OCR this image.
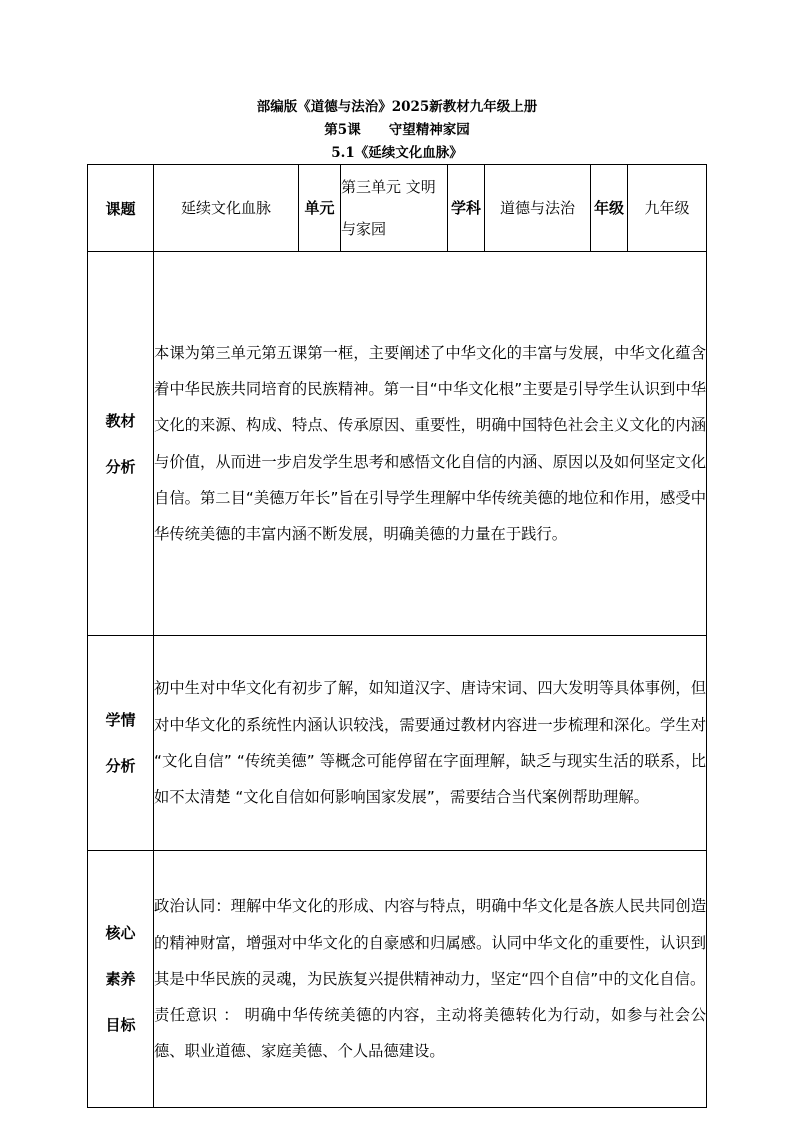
部编版《道德与法治》2025新教材九年级上册
第5课 守望精神家园
5.1《延续文化血脉》
课题	延续文化血脉	单元	第三单元 文明与家园	学科	道德与法治	年级	九年级
教材分析	本课为第三单元第五课第一框，主要阐述了中华文化的丰富与发展，中华文化蕴含着中华民族共同培育的民族精神。第一目“中华文化根”主要是引导学生认识到中华文化的来源、构成、特点、传承原因、重要性，明确中国特色社会主义文化的内涵与价值，从而进一步启发学生思考和感悟文化自信的内涵、原因以及如何坚定文化自信。第二目“美德万年长”旨在引导学生理解中华传统美德的地位和作用，感受中华传统美德的丰富内涵不断发展，明确美德的力量在于践行。						
学情分析	初中生对中华文化有初步了解，如知道汉字、唐诗宋词、四大发明等具体事例，但对中华文化的系统性内涵认识较浅，需要通过教材内容进一步梳理和深化。学生对 “文化自信” “传统美德” 等概念可能停留在字面理解，缺乏与现实生活的联系，比如不太清楚 “文化自信如何影响国家发展”，需要结合当代案例帮助理解。						
核心素养目标	政治认同：理解中华文化的形成、内容与特点，明确中华文化是各族人民共同创造的精神财富，增强对中华文化的自豪感和归属感。认同中华文化的重要性，认识到其是中华民族的灵魂，为民族复兴提供精神动力，坚定“四个自信”中的文化自信。

责任意识 ： 明确中华传统美德的内容，主动将美德转化为行动，如参与社会公德、职业道德、家庭美德、个人品德建设。						
